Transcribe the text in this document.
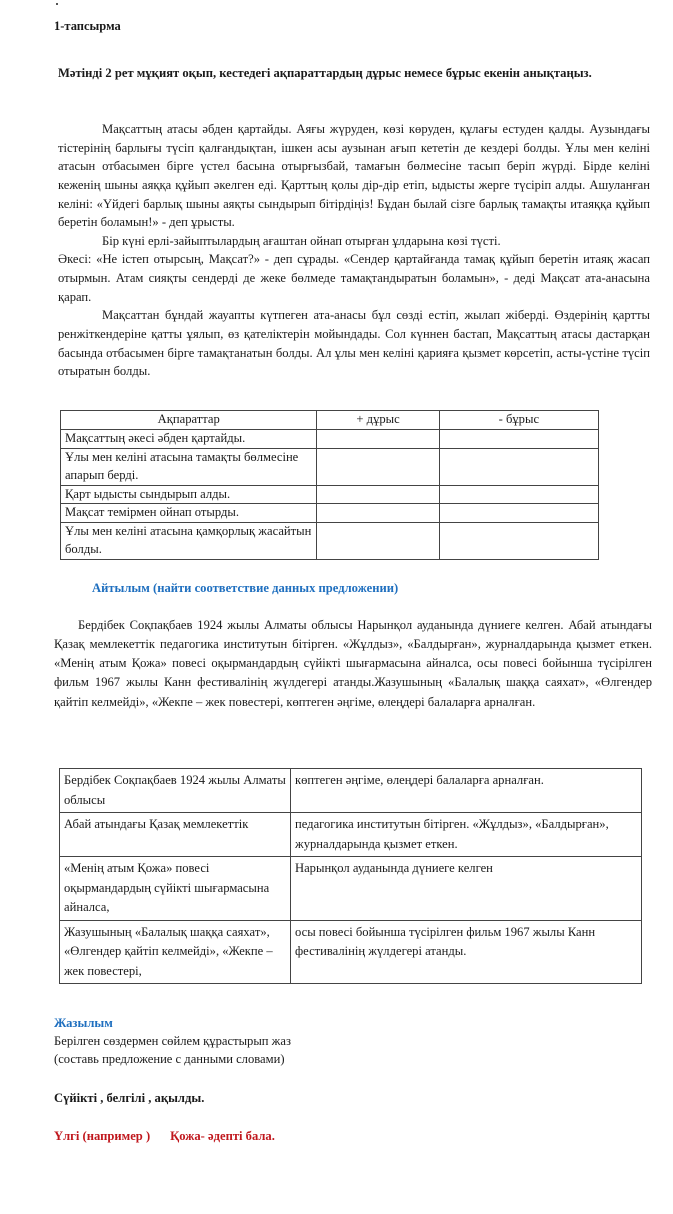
1-тапсырма
Мәтінді 2 рет мұқият оқып, кестедегі ақпараттардың дұрыс немесе бұрыс екенін анықтаңыз.

Мақсаттың атасы әбден қартайды. Аяғы жүруден, көзі көруден, құлағы естуден қалды. Аузындағы тістерінің барлығы түсіп қалғандықтан, ішкен асы аузынан ағып кететін де кездері болды. Ұлы мен келіні атасын отбасымен бірге үстел басына отырғызбай, тамағын бөлмесіне тасып беріп жүрді. Бірде келіні кеженің шыны аяққа құйып әкелген еді. Қарттың қолы дір-дір етіп, ыдысты жерге түсіріп алды. Ашуланған келіні: «Үйдегі барлық шыны аяқты сындырып бітірдіңіз! Бұдан былай сізге барлық тамақты итаяққа құйып беретін боламын!» - деп ұрысты.

Бір күні ерлі-зайыптылардың ағаштан ойнап отырған ұлдарына көзі түсті.

Әкесі: «Не істеп отырсың, Мақсат?» - деп сұрады. «Сендер қартайғанда тамақ құйып беретін итаяқ жасап отырмын. Атам сияқты сендерді де жеке бөлмеде тамақтандыратын боламын», - деді Мақсат ата-анасына қарап.

Мақсаттан бұндай жауапты күтпеген ата-анасы бұл сөзді естіп, жылап жіберді. Өздерінің қартты ренжіткендеріне қатты ұялып, өз қателіктерін мойындады. Сол күннен бастап, Мақсаттың атасы дастарқан басында отбасымен бірге тамақтанатын болды. Ал ұлы мен келіні қарияға қызмет көрсетіп, асты-үстіне түсіп отыратын болды.

Ақпараттар	+ дұрыс	- бұрыс
Мақсаттың әкесі әбден қартайды.		
Ұлы мен келіні атасына тамақты бөлмесіне апарып берді.		
Қарт ыдысты сындырып алды.		
Мақсат темірмен ойнап отырды.		
Ұлы мен келіні атасына қамқорлық жасайтын болды.		
Айтылым (найти соответствие данных предложении)

Бердібек Соқпақбаев 1924 жылы Алматы облысы Нарынқол ауданында дүниеге келген. Абай атындағы Қазақ мемлекеттік педагогика институтын бітірген. «Жұлдыз», «Балдырған», журналдарында қызмет еткен. «Менің атым Қожа» повесі оқырмандардың сүйікті шығармасына айналса, осы повесі бойынша түсірілген фильм 1967 жылы Канн фестивалінің жүлдегері атанды.Жазушының «Балалық шаққа саяхат», «Өлгендер қайтіп келмейді», «Жекпе – жек повестері, көптеген әңгіме, өлеңдері балаларға арналған.

Бердібек Соқпақбаев 1924 жылы Алматы облысы	көптеген әңгіме, өлеңдері балаларға арналған.
Абай атындағы Қазақ мемлекеттік	педагогика институтын бітірген. «Жұлдыз», «Балдырған», журналдарында қызмет еткен.
«Менің атым Қожа» повесі оқырмандардың сүйікті шығармасына айналса,	Нарынқол ауданында дүниеге келген
Жазушының «Балалық шаққа саяхат», «Өлгендер қайтіп келмейді», «Жекпе – жек повестері,	осы повесі бойынша түсірілген фильм 1967 жылы Канн фестивалінің жүлдегері атанды.
Жазылым
Берілген сөздермен сөйлем құрастырып жаз
(составь предложение с данными словами)
Сүйікті , белгілі , ақылды.
Үлгі (например ) Қожа- әдепті бала.
